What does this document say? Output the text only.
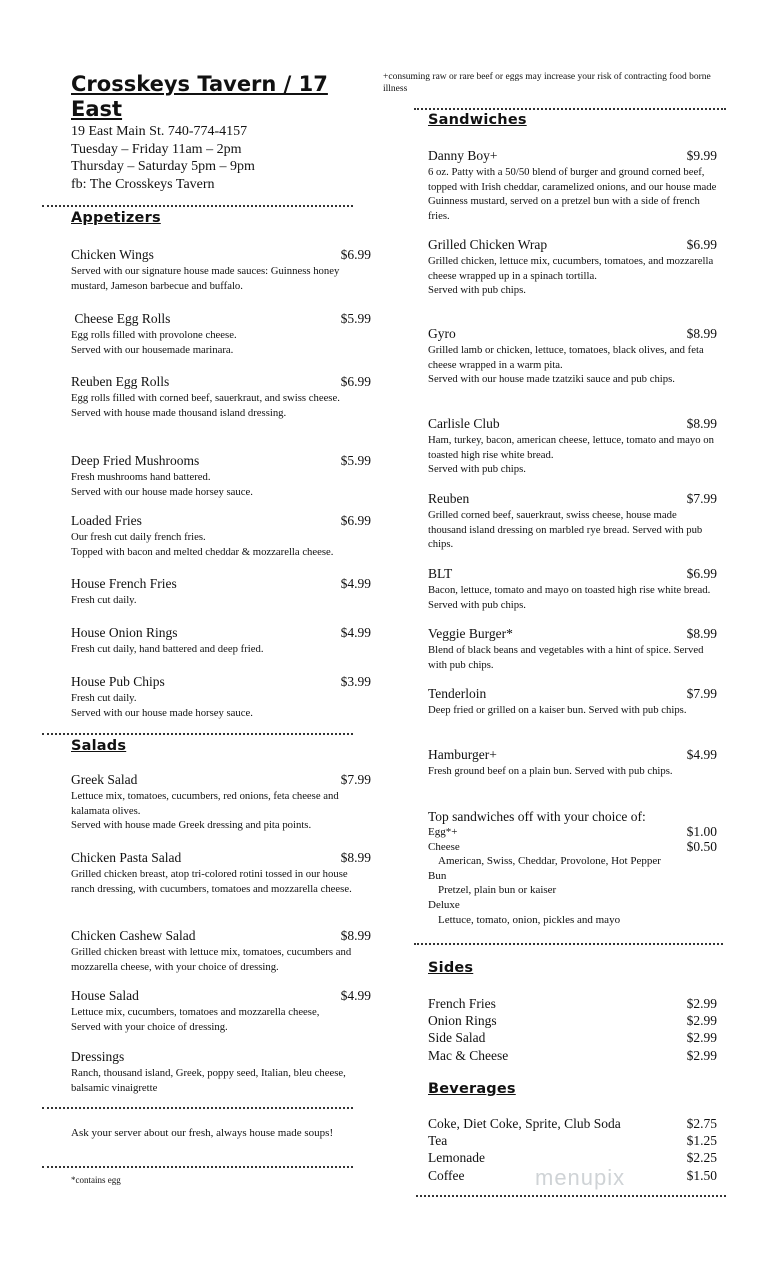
Crosskeys Tavern / 17 East
19 East Main St. 740-774-4157
Tuesday – Friday 11am – 2pm
Thursday – Saturday 5pm – 9pm
fb: The Crosskeys Tavern
+consuming raw or rare beef or eggs may increase your risk of contracting food borne illness
Appetizers
Chicken Wings	$6.99
Served with our signature house made sauces: Guinness honey mustard, Jameson barbecue and buffalo.
Cheese Egg Rolls	$5.99
Egg rolls filled with provolone cheese.
Served with our housemade marinara.
Reuben Egg Rolls	$6.99
Egg rolls filled with corned beef, sauerkraut, and swiss cheese.
Served with house made thousand island dressing.
Deep Fried Mushrooms	$5.99
Fresh mushrooms hand battered.
Served with our house made horsey sauce.
Loaded Fries	$6.99
Our fresh cut daily french fries.
Topped with bacon and melted cheddar & mozzarella cheese.
House French Fries	$4.99
Fresh cut daily.
House Onion Rings	$4.99
Fresh cut daily, hand battered and deep fried.
House Pub Chips	$3.99
Fresh cut daily.
Served with our house made horsey sauce.
Salads
Greek Salad	$7.99
Lettuce mix, tomatoes, cucumbers, red onions, feta cheese and kalamata olives.
Served with house made Greek dressing and pita points.
Chicken Pasta Salad	$8.99
Grilled chicken breast, atop tri-colored rotini tossed in our house ranch dressing, with cucumbers, tomatoes and mozzarella cheese.
Chicken Cashew Salad	$8.99
Grilled chicken breast with lettuce mix, tomatoes, cucumbers and mozzarella cheese, with your choice of dressing.
House Salad	$4.99
Lettuce mix, cucumbers, tomatoes and mozzarella cheese,
Served with your choice of dressing.
Dressings
Ranch, thousand island, Greek, poppy seed, Italian, bleu cheese, balsamic vinaigrette
Ask your server about our fresh, always house made soups!
*contains egg
Sandwiches
Danny Boy+	$9.99
6 oz. Patty with a 50/50 blend of burger and ground corned beef, topped with Irish cheddar, caramelized onions, and our house made Guinness mustard, served on a pretzel bun with a side of french fries.
Grilled Chicken Wrap	$6.99
Grilled chicken, lettuce mix, cucumbers, tomatoes, and mozzarella cheese wrapped up in a spinach tortilla.
Served with pub chips.
Gyro	$8.99
Grilled lamb or chicken, lettuce, tomatoes, black olives, and feta cheese wrapped in a warm pita.
Served with our house made tzatziki sauce and pub chips.
Carlisle Club	$8.99
Ham, turkey, bacon, american cheese, lettuce, tomato and mayo on toasted high rise white bread.
Served with pub chips.
Reuben	$7.99
Grilled corned beef, sauerkraut, swiss cheese, house made thousand island dressing on marbled rye bread. Served with pub chips.
BLT	$6.99
Bacon, lettuce, tomato and mayo on toasted high rise white bread. Served with pub chips.
Veggie Burger*	$8.99
Blend of black beans and vegetables with a hint of spice. Served with pub chips.
Tenderloin	$7.99
Deep fried or grilled on a kaiser bun. Served with pub chips.
Hamburger+	$4.99
Fresh ground beef on a plain bun. Served with pub chips.
Top sandwiches off with your choice of:
Egg*+	$1.00
Cheese	$0.50
American, Swiss, Cheddar, Provolone, Hot Pepper
Bun
Pretzel, plain bun or kaiser
Deluxe
Lettuce, tomato, onion, pickles and mayo
Sides
French Fries	$2.99
Onion Rings	$2.99
Side Salad	$2.99
Mac & Cheese	$2.99
Beverages
Coke, Diet Coke, Sprite, Club Soda	$2.75
Tea	$1.25
Lemonade	$2.25
Coffee	$1.50
menupix
